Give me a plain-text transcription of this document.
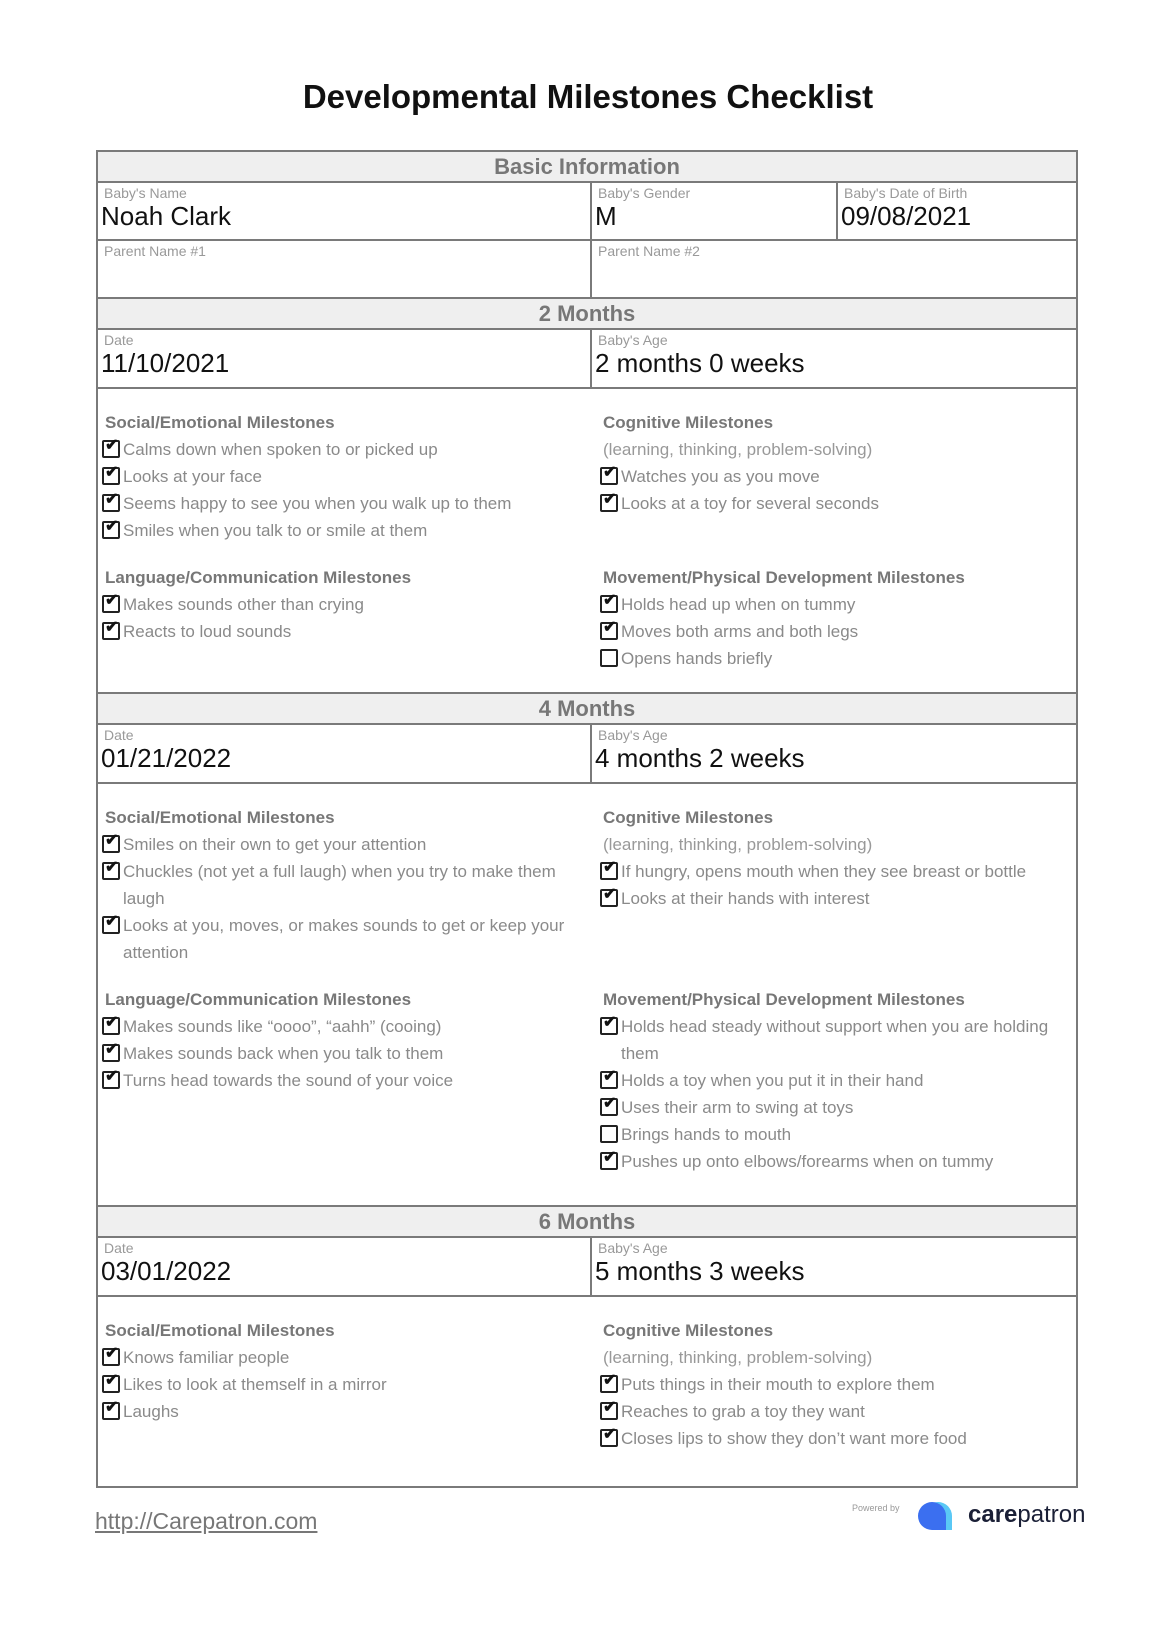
Developmental Milestones Checklist
Basic Information
Baby's Name
Noah Clark
Baby's Gender
M
Baby's Date of Birth
09/08/2021
Parent Name #1	Parent Name #2
2 Months
Date
11/10/2021
Baby's Age
2 months 0 weeks
Social/Emotional Milestones
✔ Calms down when spoken to or picked up
✔ Looks at your face
✔ Seems happy to see you when you walk up to them
✔ Smiles when you talk to or smile at them
Language/Communication Milestones
✔ Makes sounds other than crying
✔ Reacts to loud sounds
Cognitive Milestones
(learning, thinking, problem-solving)
✔ Watches you as you move
✔ Looks at a toy for several seconds
Movement/Physical Development Milestones
✔ Holds head up when on tummy
✔ Moves both arms and both legs
Opens hands briefly
4 Months
Date
01/21/2022
Baby's Age
4 months 2 weeks
Social/Emotional Milestones
✔ Smiles on their own to get your attention
✔ Chuckles (not yet a full laugh) when you try to make them laugh
✔ Looks at you, moves, or makes sounds to get or keep your attention
Language/Communication Milestones
✔ Makes sounds like “oooo”, “aahh” (cooing)
✔ Makes sounds back when you talk to them
✔ Turns head towards the sound of your voice
Cognitive Milestones
(learning, thinking, problem-solving)
✔ If hungry, opens mouth when they see breast or bottle
✔ Looks at their hands with interest
Movement/Physical Development Milestones
✔ Holds head steady without support when you are holding them
✔ Holds a toy when you put it in their hand
✔ Uses their arm to swing at toys
Brings hands to mouth
✔ Pushes up onto elbows/forearms when on tummy
6 Months
Date
03/01/2022
Baby's Age
5 months 3 weeks
Social/Emotional Milestones
✔ Knows familiar people
✔ Likes to look at themself in a mirror
✔ Laughs
Cognitive Milestones
(learning, thinking, problem-solving)
✔ Puts things in their mouth to explore them
✔ Reaches to grab a toy they want
✔ Closes lips to show they don’t want more food
http://Carepatron.com	Powered by	carepatron
